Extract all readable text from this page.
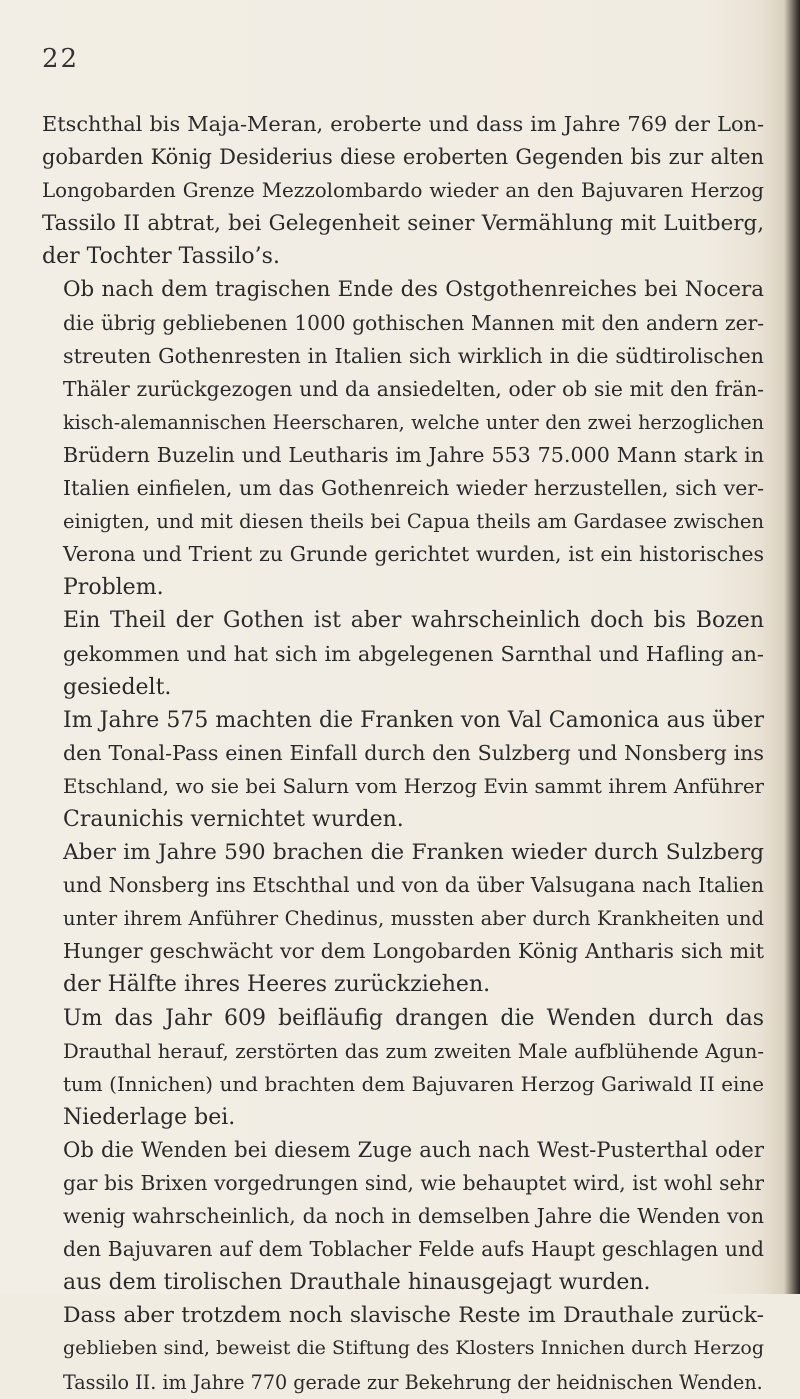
22

Etschthal bis Maja-Meran, eroberte und dass im Jahre 769 der Lon-
gobarden König Desiderius diese eroberten Gegenden bis zur alten
Longobarden Grenze Mezzolombardo wieder an den Bajuvaren Herzog
Tassilo II abtrat, bei Gelegenheit seiner Vermählung mit Luitberg,
der Tochter Tassilo’s.

Ob nach dem tragischen Ende des Ostgothenreiches bei Nocera
die übrig gebliebenen 1000 gothischen Mannen mit den andern zer-
streuten Gothenresten in Italien sich wirklich in die südtirolischen
Thäler zurückgezogen und da ansiedelten, oder ob sie mit den frän-
kisch-alemannischen Heerscharen, welche unter den zwei herzoglichen
Brüdern Buzelin und Leutharis im Jahre 553 75.000 Mann stark in
Italien einfielen, um das Gothenreich wieder herzustellen, sich ver-
einigten, und mit diesen theils bei Capua theils am Gardasee zwischen
Verona und Trient zu Grunde gerichtet wurden, ist ein historisches
Problem.

Ein Theil der Gothen ist aber wahrscheinlich doch bis Bozen
gekommen und hat sich im abgelegenen Sarnthal und Hafling an-
gesiedelt.

Im Jahre 575 machten die Franken von Val Camonica aus über
den Tonal-Pass einen Einfall durch den Sulzberg und Nonsberg ins
Etschland, wo sie bei Salurn vom Herzog Evin sammt ihrem Anführer
Craunichis vernichtet wurden.

Aber im Jahre 590 brachen die Franken wieder durch Sulzberg
und Nonsberg ins Etschthal und von da über Valsugana nach Italien
unter ihrem Anführer Chedinus, mussten aber durch Krankheiten und
Hunger geschwächt vor dem Longobarden König Antharis sich mit
der Hälfte ihres Heeres zurückziehen.

Um das Jahr 609 beifläufig drangen die Wenden durch das
Drauthal herauf, zerstörten das zum zweiten Male aufblühende Agun-
tum (Innichen) und brachten dem Bajuvaren Herzog Gariwald II eine
Niederlage bei.

Ob die Wenden bei diesem Zuge auch nach West-Pusterthal oder
gar bis Brixen vorgedrungen sind, wie behauptet wird, ist wohl sehr
wenig wahrscheinlich, da noch in demselben Jahre die Wenden von
den Bajuvaren auf dem Toblacher Felde aufs Haupt geschlagen und
aus dem tirolischen Drauthale hinausgejagt wurden.

Dass aber trotzdem noch slavische Reste im Drauthale zurück-
geblieben sind, beweist die Stiftung des Klosters Innichen durch Herzog
Tassilo II. im Jahre 770 gerade zur Bekehrung der heidnischen Wenden.
